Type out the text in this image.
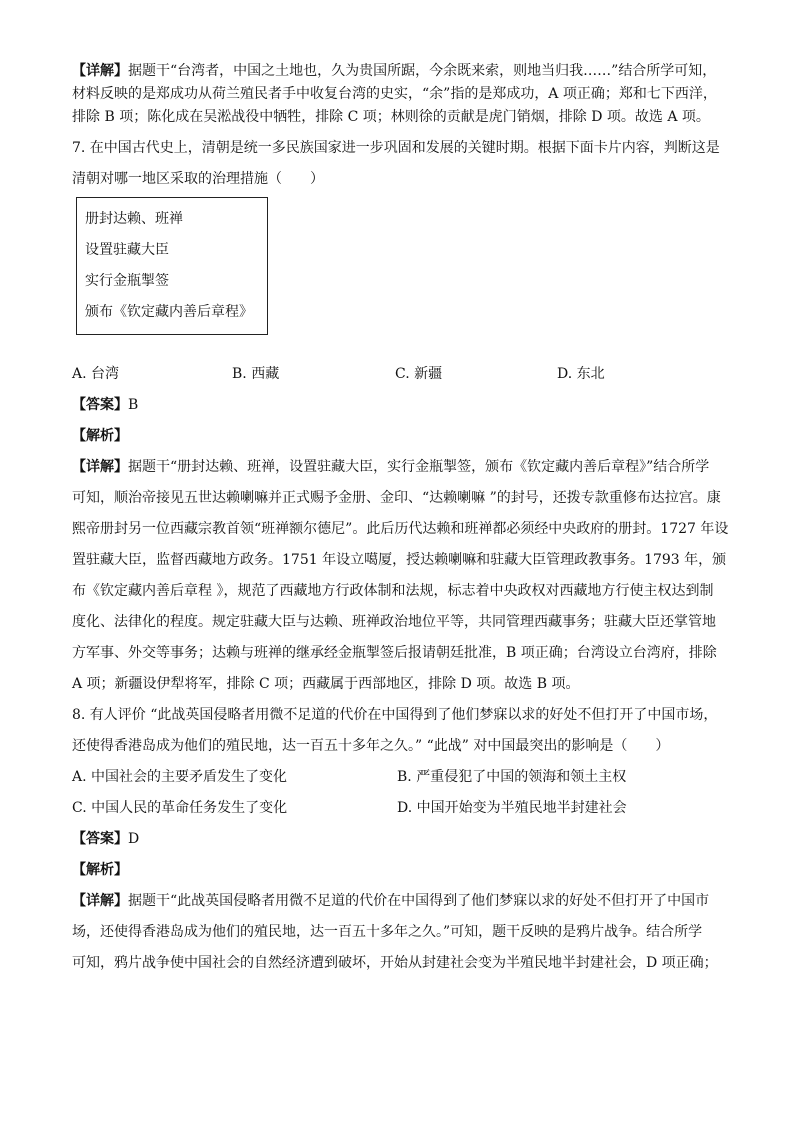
【详解】据题干“台湾者，中国之土地也，久为贵国所踞，今余既来索，则地当归我……”结合所学可知，
材料反映的是郑成功从荷兰殖民者手中收复台湾的史实，“余”指的是郑成功，A 项正确；郑和七下西洋，
排除 B 项；陈化成在吴淞战役中牺牲，排除 C 项；林则徐的贡献是虎门销烟，排除 D 项。故选 A 项。
7. 在中国古代史上，清朝是统一多民族国家进一步巩固和发展的关键时期。根据下面卡片内容，判断这是
清朝对哪一地区采取的治理措施（　　）
册封达赖、班禅
设置驻藏大臣
实行金瓶掣签
颁布《钦定藏内善后章程》
A. 台湾	B. 西藏	C. 新疆	D. 东北
【答案】B
【解析】
【详解】据题干“册封达赖、班禅，设置驻藏大臣，实行金瓶掣签，颁布《钦定藏内善后章程》”结合所学
可知，顺治帝接见五世达赖喇嘛并正式赐予金册、金印、“达赖喇嘛 ”的封号，还拨专款重修布达拉宫。康
熙帝册封另一位西藏宗教首领“班禅额尔德尼”。此后历代达赖和班禅都必须经中央政府的册封。1727 年设
置驻藏大臣，监督西藏地方政务。1751 年设立噶厦，授达赖喇嘛和驻藏大臣管理政教事务。1793 年，颁
布《钦定藏内善后章程 》，规范了西藏地方行政体制和法规，标志着中央政权对西藏地方行使主权达到制
度化、法律化的程度。规定驻藏大臣与达赖、班禅政治地位平等，共同管理西藏事务；驻藏大臣还掌管地
方军事、外交等事务；达赖与班禅的继承经金瓶掣签后报请朝廷批准，B 项正确；台湾设立台湾府，排除
A 项；新疆设伊犁将军，排除 C 项；西藏属于西部地区，排除 D 项。故选 B 项。
8. 有人评价 “此战英国侵略者用微不足道的代价在中国得到了他们梦寐以求的好处不但打开了中国市场，
还使得香港岛成为他们的殖民地，达一百五十多年之久。” “此战” 对中国最突出的影响是（　　）
A. 中国社会的主要矛盾发生了变化	B. 严重侵犯了中国的领海和领土主权
C. 中国人民的革命任务发生了变化	D. 中国开始变为半殖民地半封建社会
【答案】D
【解析】
【详解】据题干“此战英国侵略者用微不足道的代价在中国得到了他们梦寐以求的好处不但打开了中国市
场，还使得香港岛成为他们的殖民地，达一百五十多年之久。”可知，题干反映的是鸦片战争。结合所学
可知，鸦片战争使中国社会的自然经济遭到破坏，开始从封建社会变为半殖民地半封建社会，D 项正确；
